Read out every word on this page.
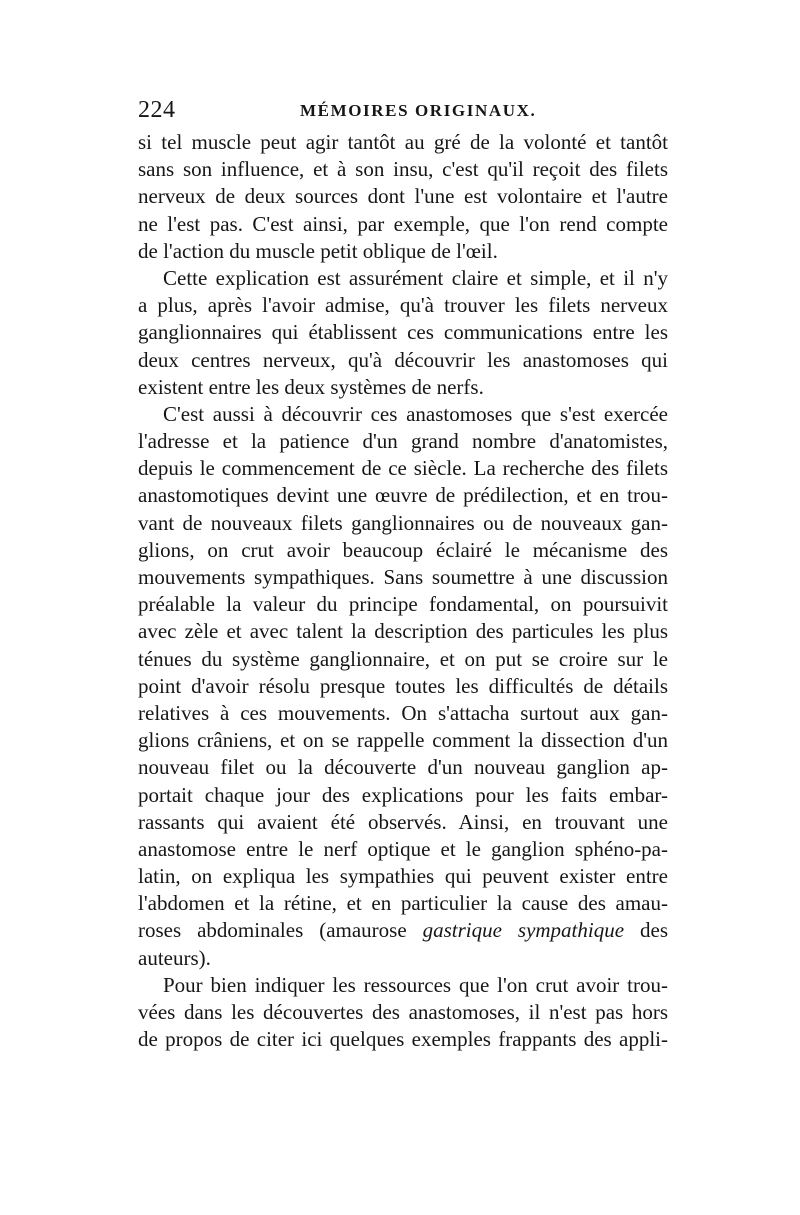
224	MÉMOIRES ORIGINAUX.
si tel muscle peut agir tantôt au gré de la volonté et tantôt
sans son influence, et à son insu, c'est qu'il reçoit des filets
nerveux de deux sources dont l'une est volontaire et l'autre
ne l'est pas. C'est ainsi, par exemple, que l'on rend compte
de l'action du muscle petit oblique de l'œil.
Cette explication est assurément claire et simple, et il n'y
a plus, après l'avoir admise, qu'à trouver les filets nerveux
ganglionnaires qui établissent ces communications entre les
deux centres nerveux, qu'à découvrir les anastomoses qui
existent entre les deux systèmes de nerfs.
C'est aussi à découvrir ces anastomoses que s'est exercée
l'adresse et la patience d'un grand nombre d'anatomistes,
depuis le commencement de ce siècle. La recherche des filets
anastomotiques devint une œuvre de prédilection, et en trou-
vant de nouveaux filets ganglionnaires ou de nouveaux gan-
glions, on crut avoir beaucoup éclairé le mécanisme des
mouvements sympathiques. Sans soumettre à une discussion
préalable la valeur du principe fondamental, on poursuivit
avec zèle et avec talent la description des particules les plus
ténues du système ganglionnaire, et on put se croire sur le
point d'avoir résolu presque toutes les difficultés de détails
relatives à ces mouvements. On s'attacha surtout aux gan-
glions crâniens, et on se rappelle comment la dissection d'un
nouveau filet ou la découverte d'un nouveau ganglion ap-
portait chaque jour des explications pour les faits embar-
rassants qui avaient été observés. Ainsi, en trouvant une
anastomose entre le nerf optique et le ganglion sphéno-pa-
latin, on expliqua les sympathies qui peuvent exister entre
l'abdomen et la rétine, et en particulier la cause des amau-
roses abdominales (amaurose gastrique sympathique des
auteurs).
Pour bien indiquer les ressources que l'on crut avoir trou-
vées dans les découvertes des anastomoses, il n'est pas hors
de propos de citer ici quelques exemples frappants des appli-
